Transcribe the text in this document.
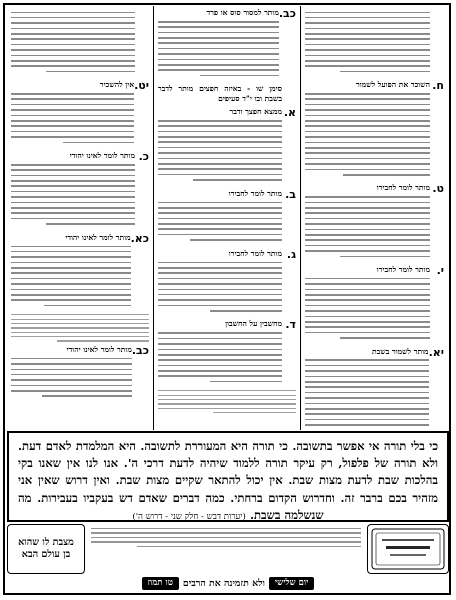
ח.
השוכר את הפועל לשמור
ט.
מותר לומר לחבירו
י.
מותר לומר לחבירו
יא.
מותר לשמור בשבת
כב.
מותר למסור סוס או פרד
סימן שו - באיזה חפצים מותר לדבר בשבת ובו י"ד סעיפים
א.
ממצא חפצך ודבר
ב.
מותר לומר לחבירו
ג.
מותר לומר לחבירו
ד.
מחשבין על החשבון
יט.
אין להשכיר
כ.
מותר לומר לאינו יהודי
כא.
מותר לומר לאינו יהודי
כב.
מותר לומר לאינו יהודי
כי בלי תורה אי אפשר בתשובה. כי תורה היא המעוררת לתשובה. היא המלמדת לאדם דעת. ולא תורה של פלפול, רק עיקר תורה ללמוד שיהיה לדעת דרכי ה'. אנו לנו אין שאנו בקי בהלכות שבת לדעת מצות שבת. אין יכול להתאר שקיים מצות שבת. ואין דרוש שאין אני מזהיר בכם ברבר זה. וחדרוש הקדום ברחתי. כמה דברים שאדם דש בעקביו בעבירות. מה שנשלמה בשבת. (יערות דבש - חלק שני - דרוש ה')
מצבת לו שהוא
בן עולם הבא
יום שלישי
ולא תזמינה את הרבים
טו תמוז
